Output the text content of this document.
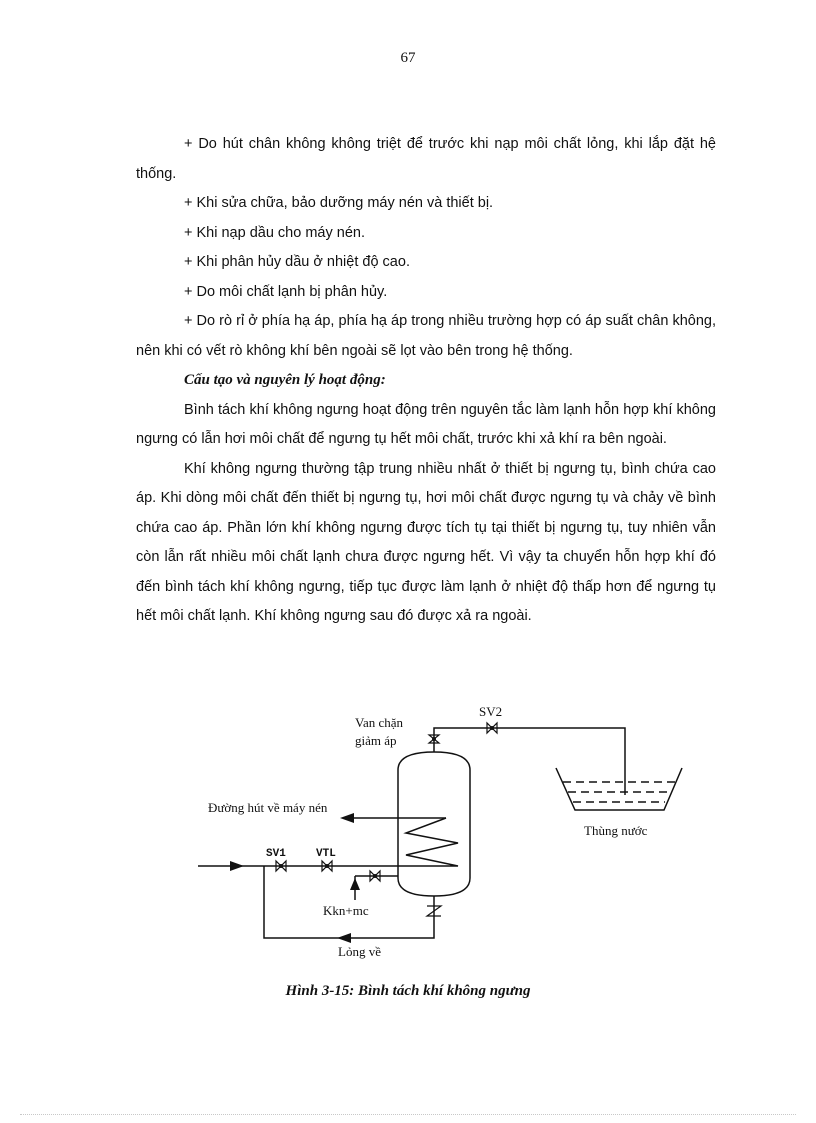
67

+ Do hút chân không không triệt để trước khi nạp môi chất lỏng, khi lắp đặt hệ thống.

+ Khi sửa chữa, bảo dưỡng máy nén và thiết bị.

+ Khi nạp dầu cho máy nén.

+ Khi phân hủy dầu ở nhiệt độ cao.

+ Do môi chất lạnh bị phân hủy.

+ Do rò rỉ ở phía hạ áp, phía hạ áp trong nhiều trường hợp có áp suất chân không, nên khi có vết rò không khí bên ngoài sẽ lọt vào bên trong hệ thống.

Cấu tạo và nguyên lý hoạt động:

Bình tách khí không ngưng hoạt động trên nguyên tắc làm lạnh hỗn hợp khí không ngưng có lẫn hơi môi chất để ngưng tụ hết môi chất, trước khi xả khí ra bên ngoài.

Khí không ngưng thường tập trung nhiều nhất ở thiết bị ngưng tụ, bình chứa cao áp. Khi dòng môi chất đến thiết bị ngưng tụ, hơi môi chất được ngưng tụ và chảy về bình chứa cao áp. Phần lớn khí không ngưng được tích tụ tại thiết bị ngưng tụ, tuy nhiên vẫn còn lẫn rất nhiều môi chất lạnh chưa được ngưng hết. Vì vậy ta chuyển hỗn hợp khí đó đến bình tách khí không ngưng, tiếp tục được làm lạnh ở nhiệt độ thấp hơn để ngưng tụ hết môi chất lạnh. Khí không ngưng sau đó được xả ra ngoài.

Van chặn
giảm áp
SV2
Đường hút về máy nén
Thùng nước
SV1	VTL
Kkn+mc
Lỏng về
Hình 3-15: Bình tách khí không ngưng
